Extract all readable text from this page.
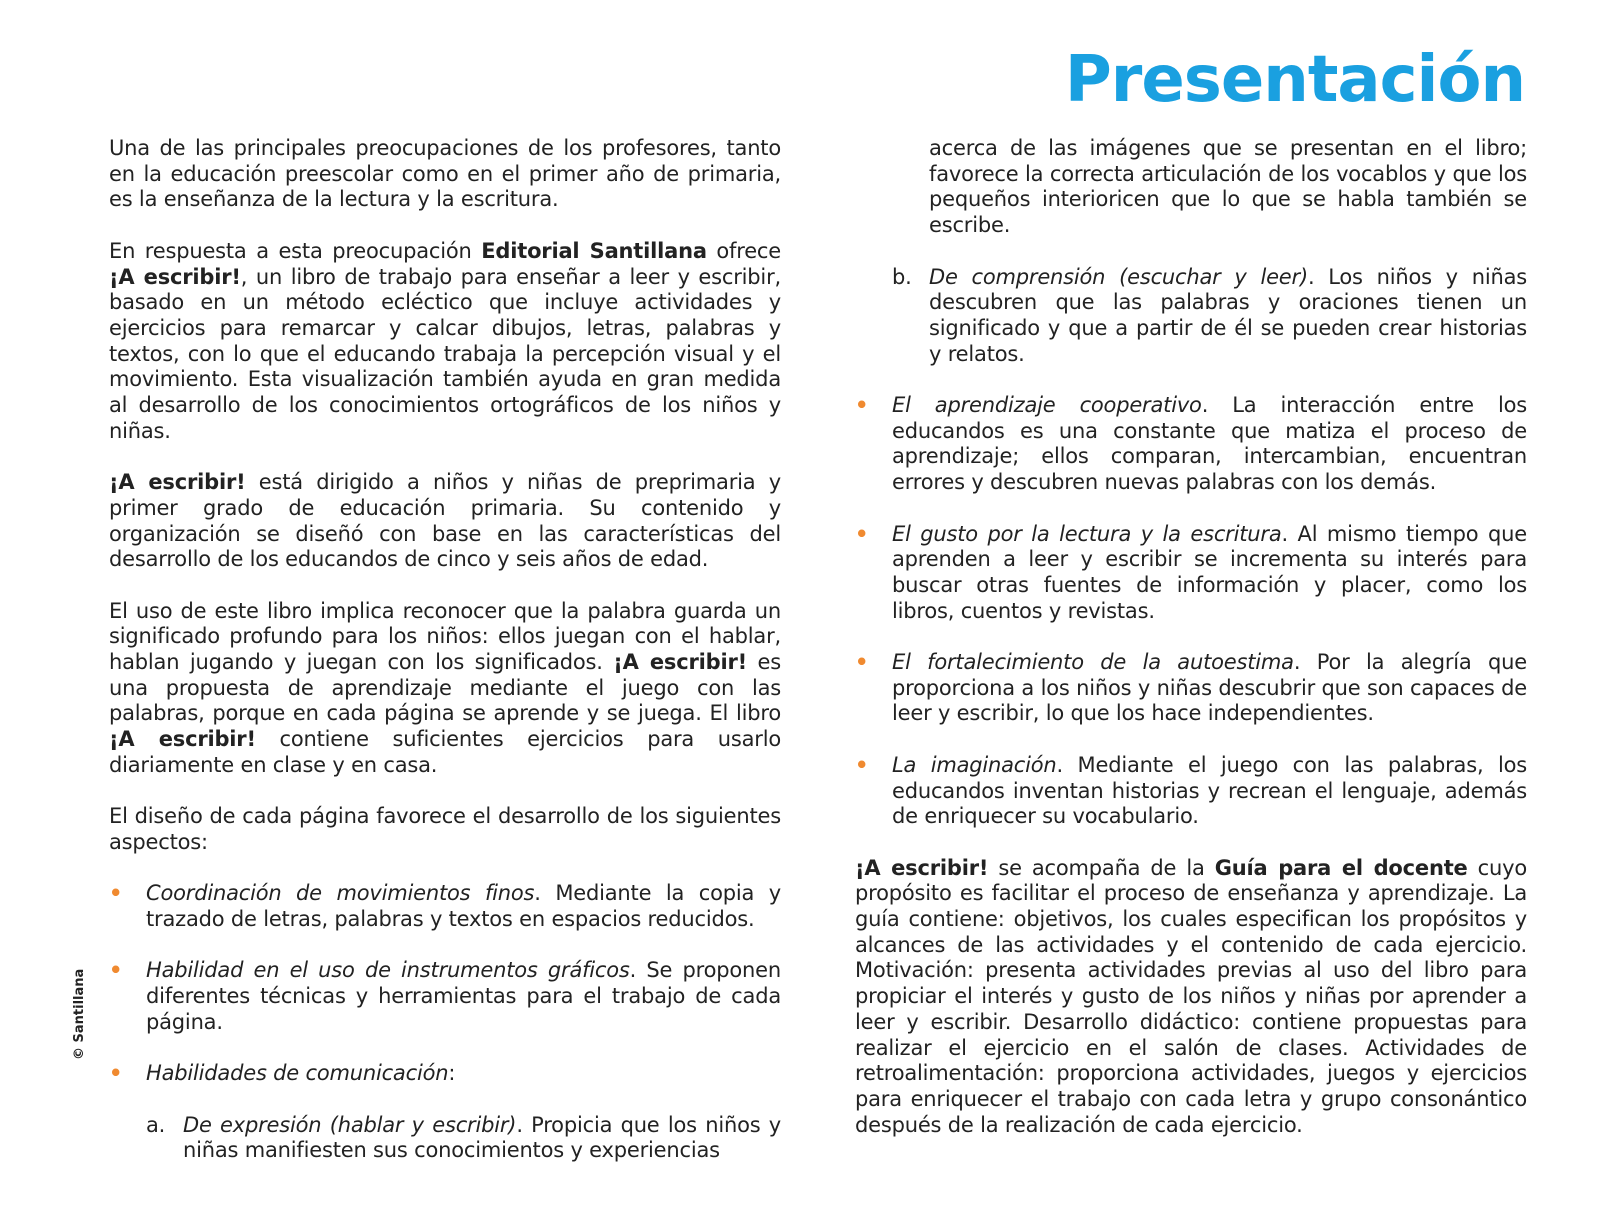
Presentación

Una de las principales preocupaciones de los profesores, tanto en la educación preescolar como en el primer año de primaria, es la enseñanza de la lectura y la escritura.

En respuesta a esta preocupación Editorial Santillana ofrece ¡A escribir!, un libro de trabajo para enseñar a leer y escribir, basado en un método ecléctico que incluye actividades y ejercicios para remarcar y calcar dibujos, letras, palabras y textos, con lo que el educando trabaja la percepción visual y el movimiento. Esta visualización también ayuda en gran medida al desarrollo de los conocimientos ortográficos de los niños y niñas.

¡A escribir! está dirigido a niños y niñas de preprimaria y primer grado de educación primaria. Su contenido y organización se diseñó con base en las características del desarrollo de los educandos de cinco y seis años de edad.

El uso de este libro implica reconocer que la palabra guarda un significado profundo para los niños: ellos juegan con el hablar, hablan jugando y juegan con los significados. ¡A escribir! es una propuesta de aprendizaje mediante el juego con las palabras, porque en cada página se aprende y se juega. El libro ¡A escribir! contiene suficientes ejercicios para usarlo diariamente en clase y en casa.

El diseño de cada página favorece el desarrollo de los siguientes aspectos:

• Coordinación de movimientos finos. Mediante la copia y trazado de letras, palabras y textos en espacios reducidos.
• Habilidad en el uso de instrumentos gráficos. Se proponen diferentes técnicas y herramientas para el trabajo de cada página.
• Habilidades de comunicación:
a. De expresión (hablar y escribir). Propicia que los niños y niñas manifiesten sus conocimientos y experiencias

acerca de las imágenes que se presentan en el libro; favorece la correcta articulación de los vocablos y que los pequeños interioricen que lo que se habla también se escribe.

b. De comprensión (escuchar y leer). Los niños y niñas descubren que las palabras y oraciones tienen un significado y que a partir de él se pueden crear historias y relatos.
• El aprendizaje cooperativo. La interacción entre los educandos es una constante que matiza el proceso de aprendizaje; ellos comparan, intercambian, encuentran errores y descubren nuevas palabras con los demás.
• El gusto por la lectura y la escritura. Al mismo tiempo que aprenden a leer y escribir se incrementa su interés para buscar otras fuentes de información y placer, como los libros, cuentos y revistas.
• El fortalecimiento de la autoestima. Por la alegría que proporciona a los niños y niñas descubrir que son capaces de leer y escribir, lo que los hace independientes.
• La imaginación. Mediante el juego con las palabras, los educandos inventan historias y recrean el lenguaje, además de enriquecer su vocabulario.

¡A escribir! se acompaña de la Guía para el docente cuyo propósito es facilitar el proceso de enseñanza y aprendizaje. La guía contiene: objetivos, los cuales especifican los propósitos y alcances de las actividades y el contenido de cada ejercicio. Motivación: presenta actividades previas al uso del libro para propiciar el interés y gusto de los niños y niñas por aprender a leer y escribir. Desarrollo didáctico: contiene propuestas para realizar el ejercicio en el salón de clases. Actividades de retroalimentación: proporciona actividades, juegos y ejercicios para enriquecer el trabajo con cada letra y grupo consonántico después de la realización de cada ejercicio.

© Santillana
